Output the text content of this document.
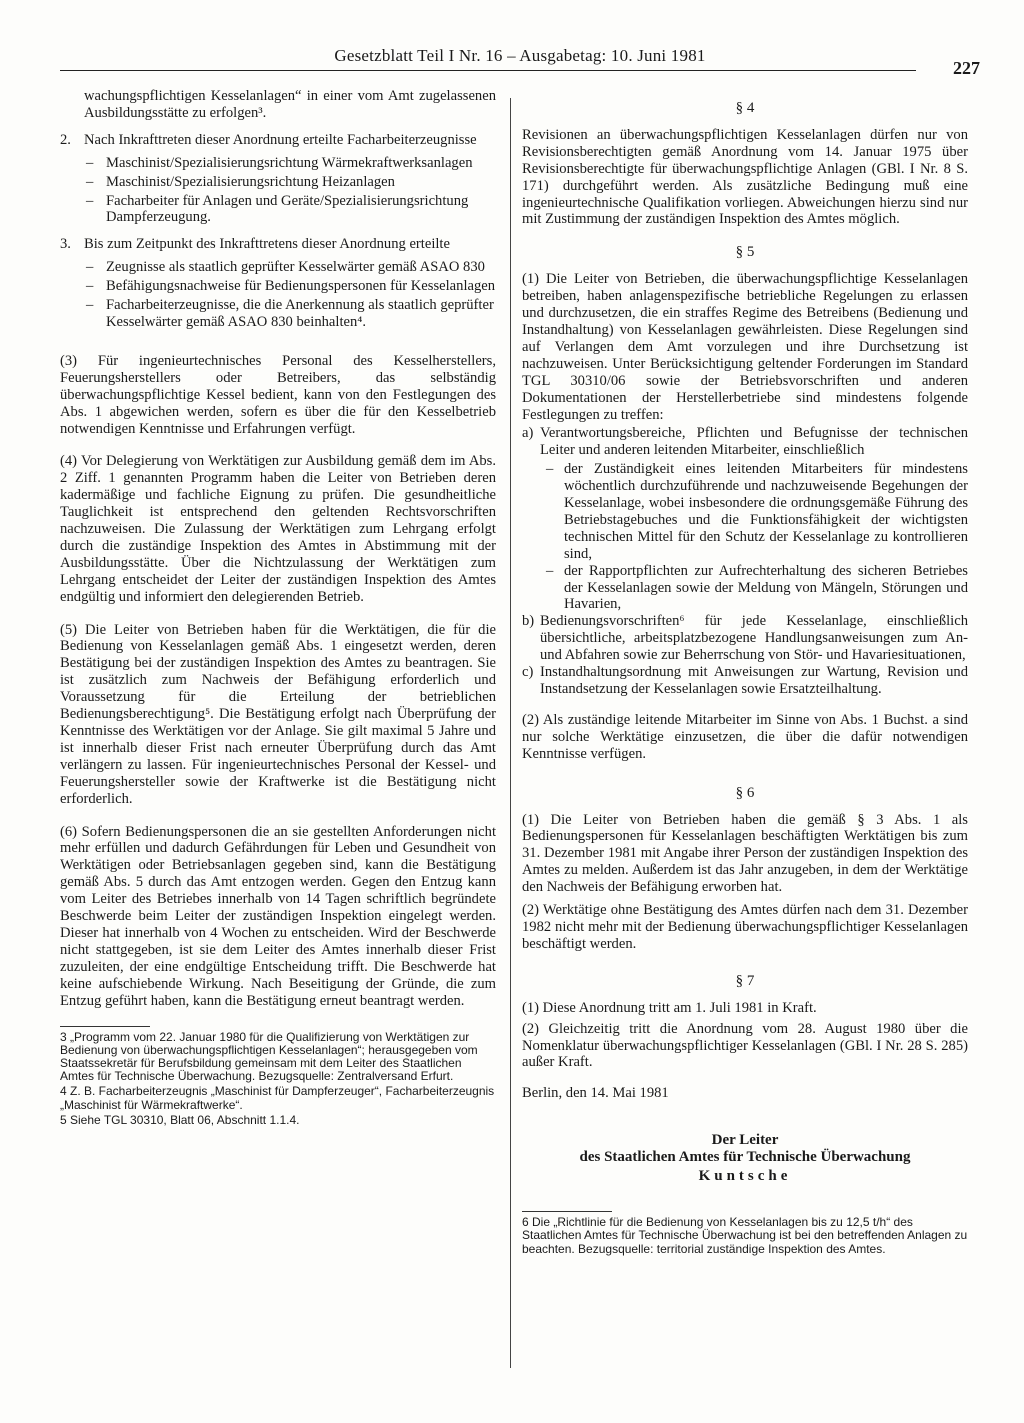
Gesetzblatt Teil I Nr. 16 – Ausgabetag: 10. Juni 1981
227

wachungspflichtigen Kesselanlagen“ in einer vom Amt zugelassenen Ausbildungsstätte zu erfolgen³.

2. Nach Inkrafttreten dieser Anordnung erteilte Facharbeiterzeugnisse

– Maschinist/Spezialisierungsrichtung Wärmekraftwerksanlagen
– Maschinist/Spezialisierungsrichtung Heizanlagen
– Facharbeiter für Anlagen und Geräte/Spezialisierungsrichtung Dampferzeugung.
3. Bis zum Zeitpunkt des Inkrafttretens dieser Anordnung erteilte

– Zeugnisse als staatlich geprüfter Kesselwärter gemäß ASAO 830
– Befähigungsnachweise für Bedienungspersonen für Kesselanlagen
– Facharbeiterzeugnisse, die die Anerkennung als staatlich geprüfter Kesselwärter gemäß ASAO 830 beinhalten⁴.

(3) Für ingenieurtechnisches Personal des Kesselherstellers, Feuerungsherstellers oder Betreibers, das selbständig überwachungspflichtige Kessel bedient, kann von den Festlegungen des Abs. 1 abgewichen werden, sofern es über die für den Kesselbetrieb notwendigen Kenntnisse und Erfahrungen verfügt.

(4) Vor Delegierung von Werktätigen zur Ausbildung gemäß dem im Abs. 2 Ziff. 1 genannten Programm haben die Leiter von Betrieben deren kadermäßige und fachliche Eignung zu prüfen. Die gesundheitliche Tauglichkeit ist entsprechend den geltenden Rechtsvorschriften nachzuweisen. Die Zulassung der Werktätigen zum Lehrgang erfolgt durch die zuständige Inspektion des Amtes in Abstimmung mit der Ausbildungsstätte. Über die Nichtzulassung der Werktätigen zum Lehrgang entscheidet der Leiter der zuständigen Inspektion des Amtes endgültig und informiert den delegierenden Betrieb.

(5) Die Leiter von Betrieben haben für die Werktätigen, die für die Bedienung von Kesselanlagen gemäß Abs. 1 eingesetzt werden, deren Bestätigung bei der zuständigen Inspektion des Amtes zu beantragen. Sie ist zusätzlich zum Nachweis der Befähigung erforderlich und Voraussetzung für die Erteilung der betrieblichen Bedienungsberechtigung⁵. Die Bestätigung erfolgt nach Überprüfung der Kenntnisse des Werktätigen vor der Anlage. Sie gilt maximal 5 Jahre und ist innerhalb dieser Frist nach erneuter Überprüfung durch das Amt verlängern zu lassen. Für ingenieurtechnisches Personal der Kessel- und Feuerungshersteller sowie der Kraftwerke ist die Bestätigung nicht erforderlich.

(6) Sofern Bedienungspersonen die an sie gestellten Anforderungen nicht mehr erfüllen und dadurch Gefährdungen für Leben und Gesundheit von Werktätigen oder Betriebsanlagen gegeben sind, kann die Bestätigung gemäß Abs. 5 durch das Amt entzogen werden. Gegen den Entzug kann vom Leiter des Betriebes innerhalb von 14 Tagen schriftlich begründete Beschwerde beim Leiter der zuständigen Inspektion eingelegt werden. Dieser hat innerhalb von 4 Wochen zu entscheiden. Wird der Beschwerde nicht stattgegeben, ist sie dem Leiter des Amtes innerhalb dieser Frist zuzuleiten, der eine endgültige Entscheidung trifft. Die Beschwerde hat keine aufschiebende Wirkung. Nach Beseitigung der Gründe, die zum Entzug geführt haben, kann die Bestätigung erneut beantragt werden.

3 „Programm vom 22. Januar 1980 für die Qualifizierung von Werktätigen zur Bedienung von überwachungspflichtigen Kesselanlagen“; herausgegeben vom Staatssekretär für Berufsbildung gemeinsam mit dem Leiter des Staatlichen Amtes für Technische Überwachung. Bezugsquelle: Zentralversand Erfurt.

4 Z. B. Facharbeiterzeugnis „Maschinist für Dampferzeuger“, Facharbeiterzeugnis „Maschinist für Wärmekraftwerke“.

5 Siehe TGL 30310, Blatt 06, Abschnitt 1.1.4.

§ 4

Revisionen an überwachungspflichtigen Kesselanlagen dürfen nur von Revisionsberechtigten gemäß Anordnung vom 14. Januar 1975 über Revisionsberechtigte für überwachungspflichtige Anlagen (GBl. I Nr. 8 S. 171) durchgeführt werden. Als zusätzliche Bedingung muß eine ingenieurtechnische Qualifikation vorliegen. Abweichungen hierzu sind nur mit Zustimmung der zuständigen Inspektion des Amtes möglich.

§ 5

(1) Die Leiter von Betrieben, die überwachungspflichtige Kesselanlagen betreiben, haben anlagenspezifische betriebliche Regelungen zu erlassen und durchzusetzen, die ein straffes Regime des Betreibens (Bedienung und Instandhaltung) von Kesselanlagen gewährleisten. Diese Regelungen sind auf Verlangen dem Amt vorzulegen und ihre Durchsetzung ist nachzuweisen. Unter Berücksichtigung geltender Forderungen im Standard TGL 30310/06 sowie der Betriebsvorschriften und anderen Dokumentationen der Herstellerbetriebe sind mindestens folgende Festlegungen zu treffen:

a) Verantwortungsbereiche, Pflichten und Befugnisse der technischen Leiter und anderen leitenden Mitarbeiter, einschließlich

– der Zuständigkeit eines leitenden Mitarbeiters für mindestens wöchentlich durchzuführende und nachzuweisende Begehungen der Kesselanlage, wobei insbesondere die ordnungsgemäße Führung des Betriebstagebuches und die Funktionsfähigkeit der wichtigsten technischen Mittel für den Schutz der Kesselanlage zu kontrollieren sind,
– der Rapportpflichten zur Aufrechterhaltung des sicheren Betriebes der Kesselanlagen sowie der Meldung von Mängeln, Störungen und Havarien,
b) Bedienungsvorschriften⁶ für jede Kesselanlage, einschließlich übersichtliche, arbeitsplatzbezogene Handlungsanweisungen zum An- und Abfahren sowie zur Beherrschung von Stör- und Havariesituationen,

c) Instandhaltungsordnung mit Anweisungen zur Wartung, Revision und Instandsetzung der Kesselanlagen sowie Ersatzteilhaltung.

(2) Als zuständige leitende Mitarbeiter im Sinne von Abs. 1 Buchst. a sind nur solche Werktätige einzusetzen, die über die dafür notwendigen Kenntnisse verfügen.

§ 6

(1) Die Leiter von Betrieben haben die gemäß § 3 Abs. 1 als Bedienungspersonen für Kesselanlagen beschäftigten Werktätigen bis zum 31. Dezember 1981 mit Angabe ihrer Person der zuständigen Inspektion des Amtes zu melden. Außerdem ist das Jahr anzugeben, in dem der Werktätige den Nachweis der Befähigung erworben hat.

(2) Werktätige ohne Bestätigung des Amtes dürfen nach dem 31. Dezember 1982 nicht mehr mit der Bedienung überwachungspflichtiger Kesselanlagen beschäftigt werden.

§ 7

(1) Diese Anordnung tritt am 1. Juli 1981 in Kraft.

(2) Gleichzeitig tritt die Anordnung vom 28. August 1980 über die Nomenklatur überwachungspflichtiger Kesselanlagen (GBl. I Nr. 28 S. 285) außer Kraft.

Berlin, den 14. Mai 1981

Der Leiter
des Staatlichen Amtes für Technische Überwachung
Kuntsche

6 Die „Richtlinie für die Bedienung von Kesselanlagen bis zu 12,5 t/h“ des Staatlichen Amtes für Technische Überwachung ist bei den betreffenden Anlagen zu beachten. Bezugsquelle: territorial zuständige Inspektion des Amtes.
